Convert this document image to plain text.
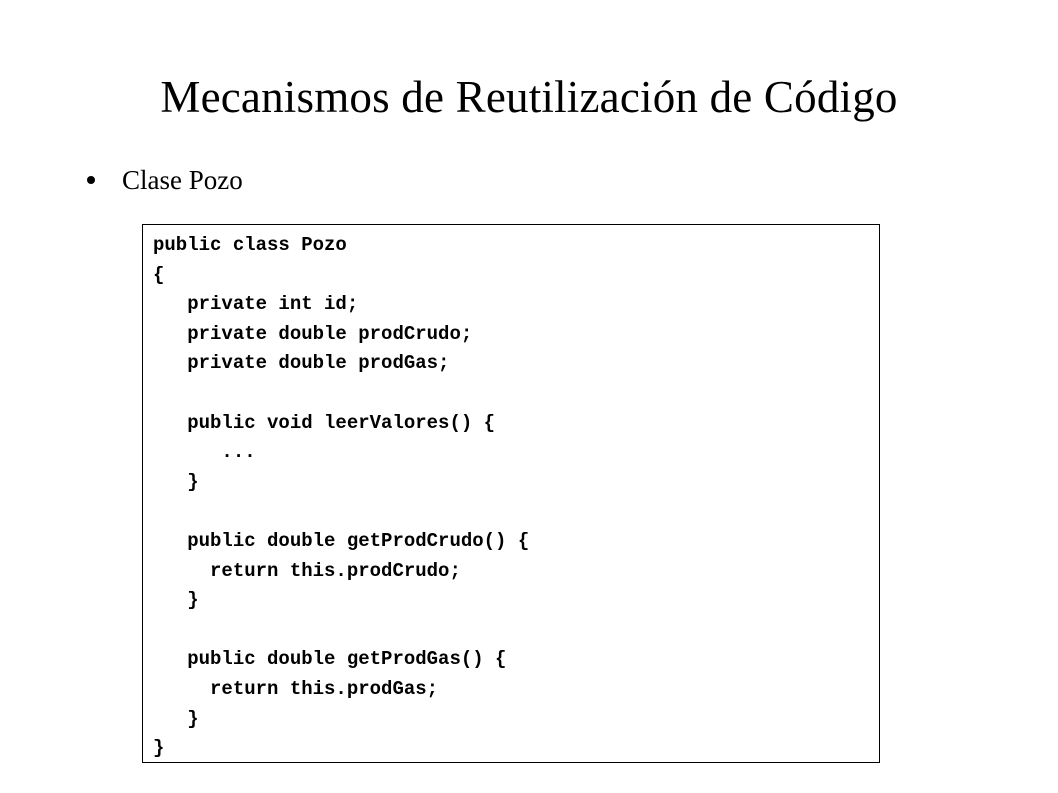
Mecanismos de Reutilización de Código
Clase Pozo
public class Pozo
{
private int id;
private double prodCrudo;
private double prodGas;
public void leerValores() {
...
}
public double getProdCrudo() {
return this.prodCrudo;
}
public double getProdGas() {
return this.prodGas;
}
}
